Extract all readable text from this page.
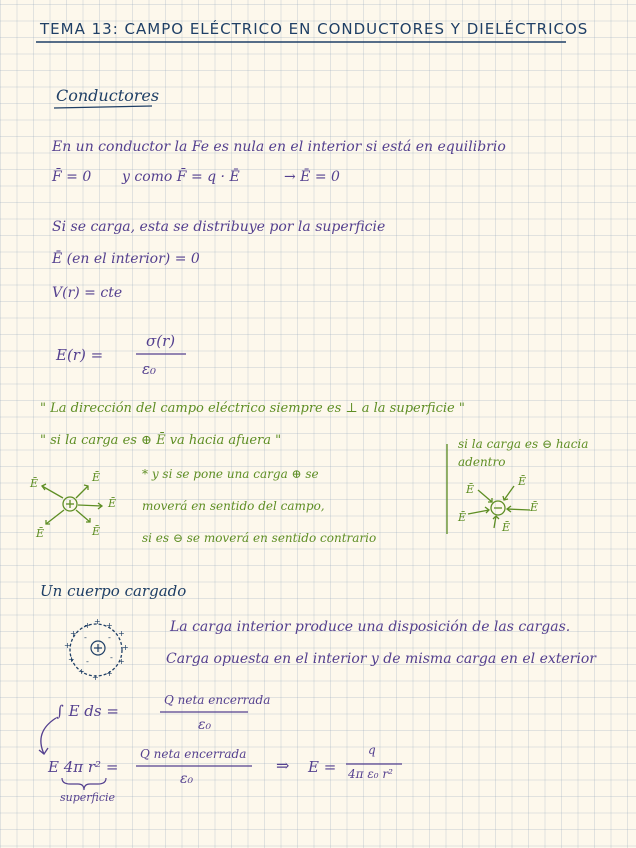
TEMA 13: CAMPO ELÉCTRICO EN CONDUCTORES Y DIELÉCTRICOS
Conductores
En un conductor la Fe es nula en el interior si está en equilibrio
F̄ = 0 y como F̄ = q · Ē	→ Ē = 0
Si se carga, esta se distribuye por la superficie
Ē (en el interior) = 0
V(r) = cte
E(r) =
σ(r)
ε₀
" La dirección del campo eléctrico siempre es ⊥ a la superficie "
" si la carga es ⊕ Ē va hacia afuera "	si la carga es ⊖ hacia
adentro
* y si se pone una carga ⊕ se
moverá en sentido del campo,
si es ⊖ se moverá en sentido contrario
Ē	Ē
Ē
Ē
Ē
Ē
Ē
Ē
Ē
Ē
Un cuerpo cargado
+ + +
+
+
+
+
+
+
+
+
+ -	-
-
-
La carga interior produce una disposición de las cargas.
Carga opuesta en el interior y de misma carga en el exterior
∫ E ds =
Q neta encerrada
ε₀
E 4π r² =
Q neta encerrada
ε₀
superficie
⇒ E =
q
4π ε₀ r²
